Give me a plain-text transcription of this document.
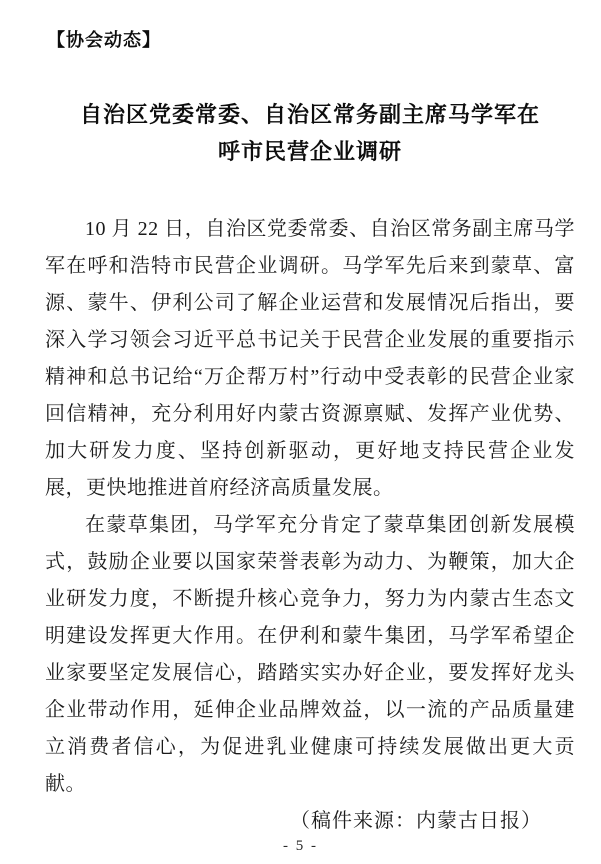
【协会动态】
自治区党委常委、自治区常务副主席马学军在
呼市民营企业调研

10 月 22 日，自治区党委常委、自治区常务副主席马学军在呼和浩特市民营企业调研。马学军先后来到蒙草、富源、蒙牛、伊利公司了解企业运营和发展情况后指出，要深入学习领会习近平总书记关于民营企业发展的重要指示精神和总书记给“万企帮万村”行动中受表彰的民营企业家回信精神，充分利用好内蒙古资源禀赋、发挥产业优势、加大研发力度、坚持创新驱动，更好地支持民营企业发展，更快地推进首府经济高质量发展。

在蒙草集团，马学军充分肯定了蒙草集团创新发展模式，鼓励企业要以国家荣誉表彰为动力、为鞭策，加大企业研发力度，不断提升核心竞争力，努力为内蒙古生态文明建设发挥更大作用。在伊利和蒙牛集团，马学军希望企业家要坚定发展信心，踏踏实实办好企业，要发挥好龙头企业带动作用，延伸企业品牌效益，以一流的产品质量建立消费者信心，为促进乳业健康可持续发展做出更大贡献。

（稿件来源：内蒙古日报）

- 5 -
